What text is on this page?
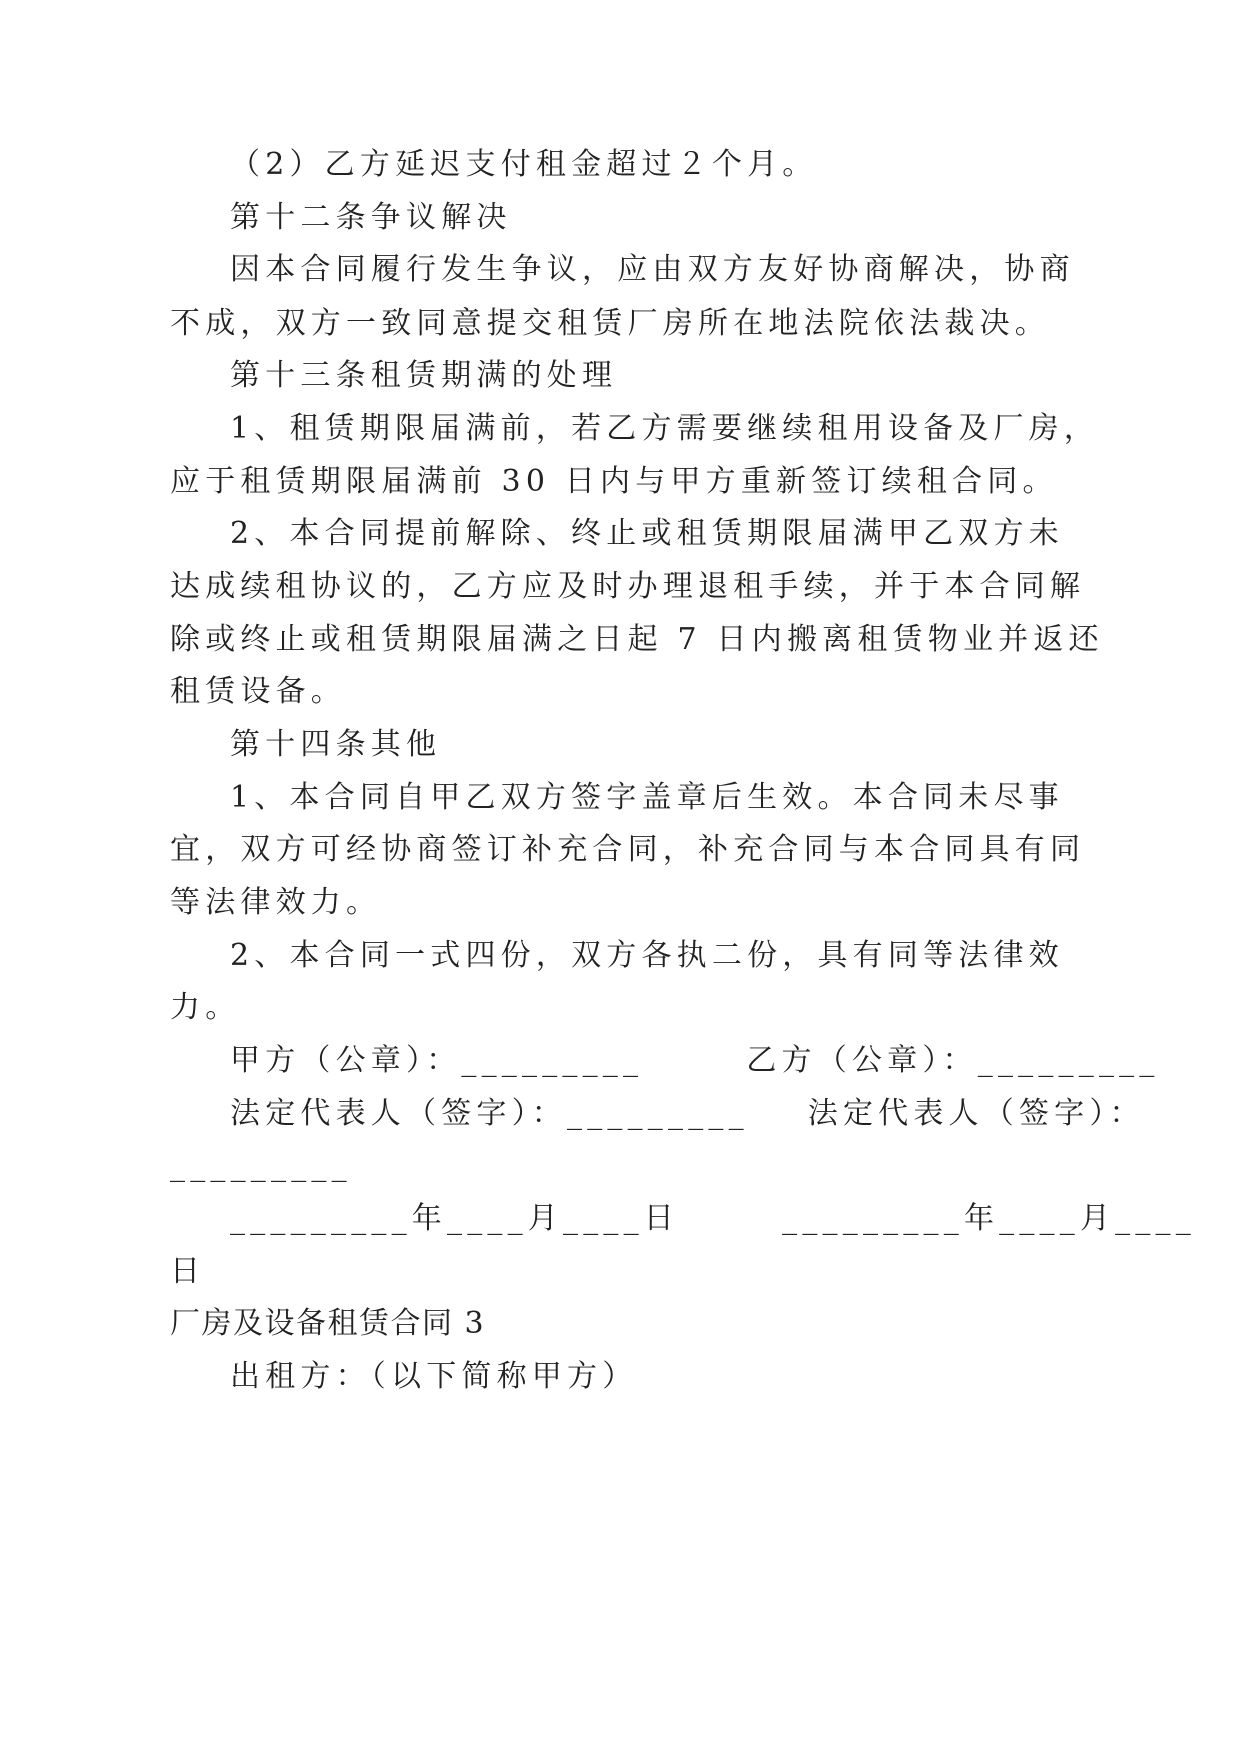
（2）乙方延迟支付租金超过２个月。
第十二条争议解决
因本合同履行发生争议，应由双方友好协商解决，协商
不成，双方一致同意提交租赁厂房所在地法院依法裁决。
第十三条租赁期满的处理
1、租赁期限届满前，若乙方需要继续租用设备及厂房，
应于租赁期限届满前 30 日内与甲方重新签订续租合同。
2、本合同提前解除、终止或租赁期限届满甲乙双方未
达成续租协议的，乙方应及时办理退租手续，并于本合同解
除或终止或租赁期限届满之日起 7 日内搬离租赁物业并返还
租赁设备。
第十四条其他
1、本合同自甲乙双方签字盖章后生效。本合同未尽事
宜，双方可经协商签订补充合同，补充合同与本合同具有同
等法律效力。
2、本合同一式四份，双方各执二份，具有同等法律效
力。
甲方（公章）：_________       乙方（公章）：_________
法定代表人（签字）：_________    法定代表人（签字）：
_________
_________年____月____日       _________年____月____
日
厂房及设备租赁合同 3
出租方：（以下简称甲方）
